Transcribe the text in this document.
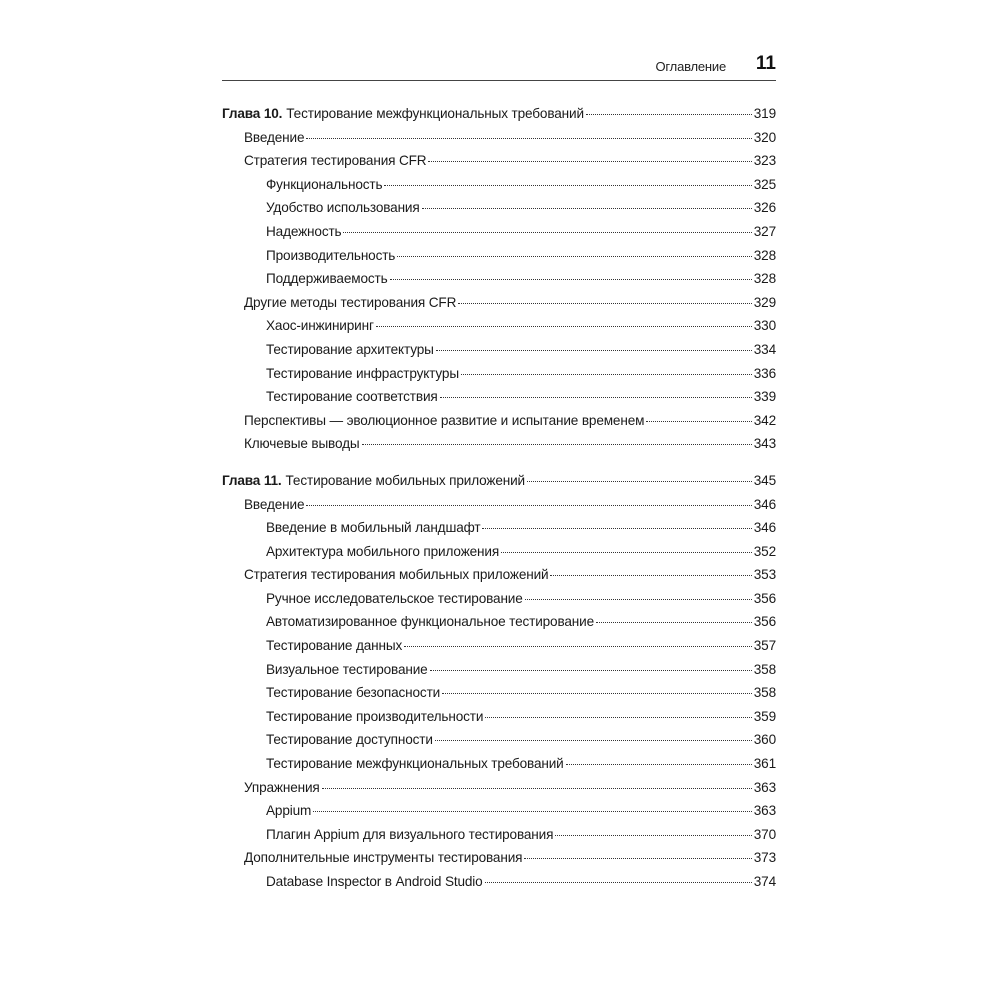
Оглавление 11
Глава 10. Тестирование межфункциональных требований	319
Введение	320
Стратегия тестирования CFR	323
Функциональность	325
Удобство использования	326
Надежность	327
Производительность	328
Поддерживаемость	328
Другие методы тестирования CFR	329
Хаос-инжиниринг	330
Тестирование архитектуры	334
Тестирование инфраструктуры	336
Тестирование соответствия	339
Перспективы — эволюционное развитие и испытание временем	342
Ключевые выводы	343
Глава 11. Тестирование мобильных приложений	345
Введение	346
Введение в мобильный ландшафт	346
Архитектура мобильного приложения	352
Стратегия тестирования мобильных приложений	353
Ручное исследовательское тестирование	356
Автоматизированное функциональное тестирование	356
Тестирование данных	357
Визуальное тестирование	358
Тестирование безопасности	358
Тестирование производительности	359
Тестирование доступности	360
Тестирование межфункциональных требований	361
Упражнения	363
Appium	363
Плагин Appium для визуального тестирования	370
Дополнительные инструменты тестирования	373
Database Inspector в Android Studio	374
